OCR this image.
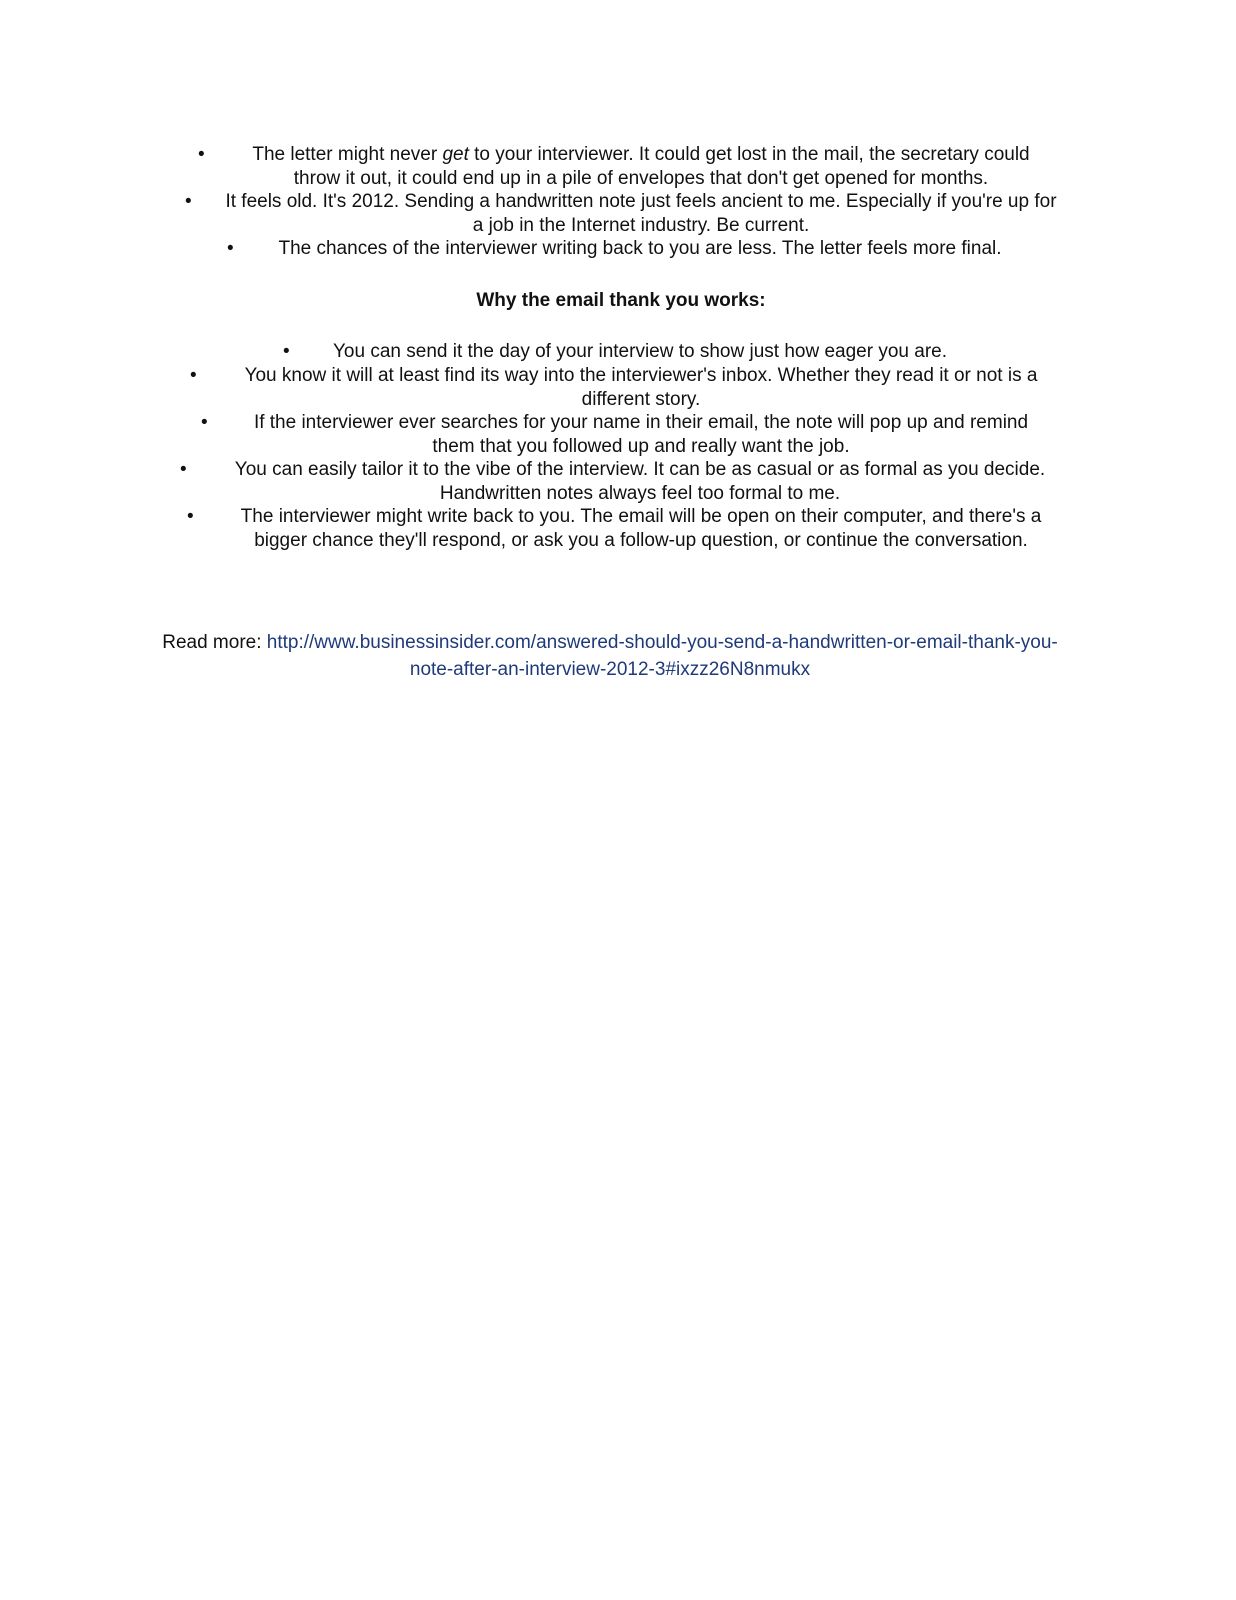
•	The letter might never get to your interviewer. It could get lost in the mail, the secretary could throw it out, it could end up in a pile of envelopes that don't get opened for months.

• It feels old. It's 2012. Sending a handwritten note just feels ancient to me. Especially if you're up for a job in the Internet industry. Be current.

•	The chances of the interviewer writing back to you are less. The letter feels more final.

Why the email thank you works:

•	You can send it the day of your interview to show just how eager you are.

•	You know it will at least find its way into the interviewer's inbox. Whether they read it or not is a different story.

•	If the interviewer ever searches for your name in their email, the note will pop up and remind them that you followed up and really want the job.

•	You can easily tailor it to the vibe of the interview. It can be as casual or as formal as you decide. Handwritten notes always feel too formal to me.

•	The interviewer might write back to you. The email will be open on their computer, and there's a bigger chance they'll respond, or ask you a follow-up question, or continue the conversation.

Read more: http://www.businessinsider.com/answered-should-you-send-a-handwritten-or-email-thank-you-note-after-an-interview-2012-3#ixzz26N8nmukx
